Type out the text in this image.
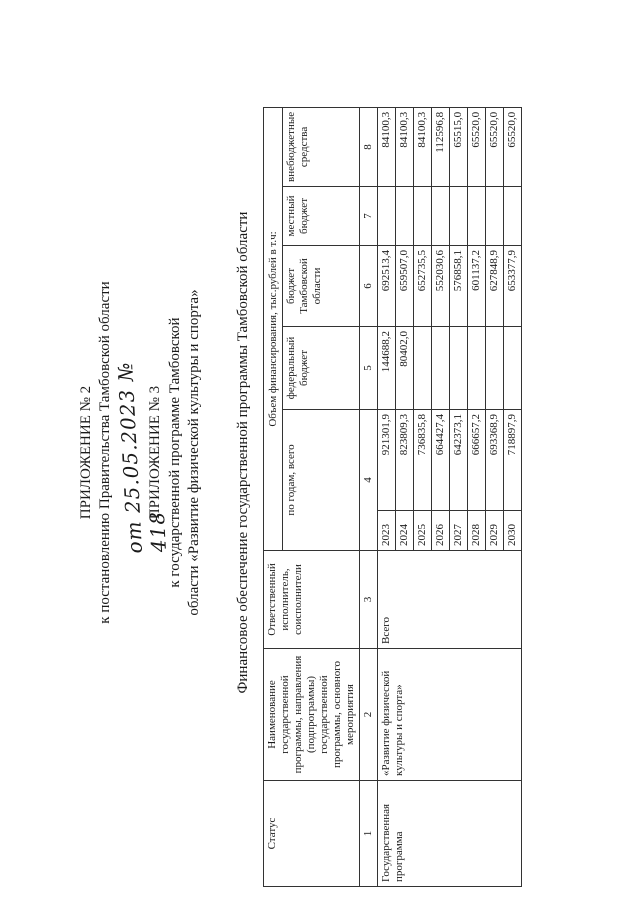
ПРИЛОЖЕНИЕ № 2 к постановлению Правительства Тамбовской области от 25.05.2023 № 418
ПРИЛОЖЕНИЕ № 3 к государственной программе Тамбовской области «Развитие физической культуры и спорта» Финансовое обеспечение государственной программы Тамбовской области
Статус	Наименование государственной программы, направления (подпрограммы) государственной программы, основного мероприятия	Ответственный исполнитель, соисполнители	Объем финансирования, тыс.рублей в т.ч:					
			по годам, всего		федеральный бюджет	бюджет Тамбовской области	местный бюджет	внебюджетные средства
1	2	3	4		5	6	7	8
Государственная программа	«Развитие физической культуры и спорта»	Всего	2023	921301,9	144688,2	692513,4		84100,3
			2024	823809,3	80402,0	659507,0		84100,3
			2025	736835,8		652735,5		84100,3
			2026	664427,4		552030,6		112596,8
			2027	642373,1		576858,1		65515,0
			2028	666657,2		601137,2		65520,0
			2029	693368,9		627848,9		65520,0
			2030	718897,9		653377,9		65520,0
